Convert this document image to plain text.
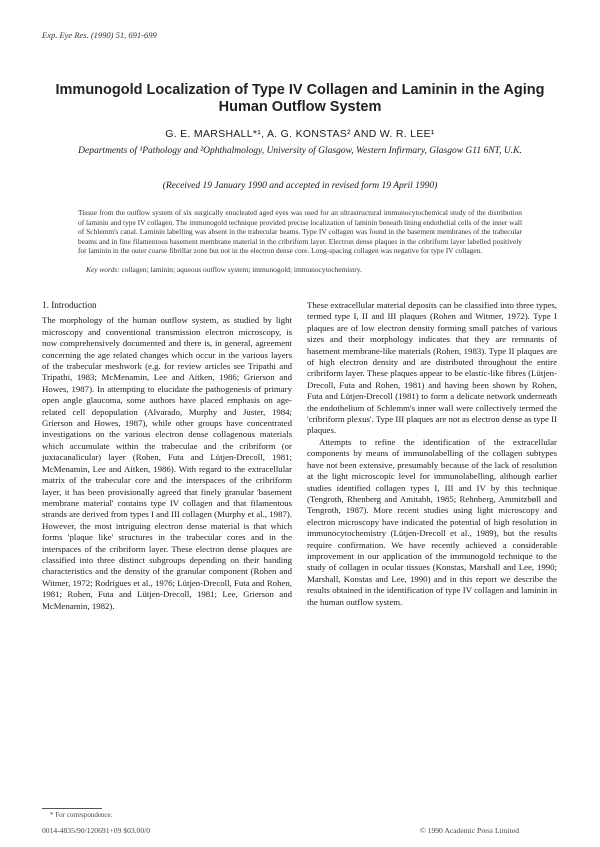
Exp. Eye Res. (1990) 51, 691-699
Immunogold Localization of Type IV Collagen and Laminin in the Aging Human Outflow System
G. E. MARSHALL*¹, A. G. KONSTAS² AND W. R. LEE¹
Departments of ¹Pathology and ²Ophthalmology, University of Glasgow, Western Infirmary, Glasgow G11 6NT, U.K.
(Received 19 January 1990 and accepted in revised form 19 April 1990)
Tissue from the outflow system of six surgically enucleated aged eyes was used for an ultrastructural immunocytochemical study of the distribution of laminin and type IV collagen. The immunogold technique provided precise localization of laminin beneath lining endothelial cells of the inner wall of Schlemm's canal. Laminin labelling was absent in the trabecular beams. Type IV collagen was found in the basement membranes of the trabecular beams and in fine filamentous basement membrane material in the cribriform layer. Electron dense plaques in the cribriform layer labelled positively for laminin in the outer coarse fibrillar zone but not in the electron dense core. Long-spacing collagen was negative for type IV collagen.
Key words: collagen; laminin; aqueous outflow system; immunogold; immunocytochemistry.
1. Introduction

The morphology of the human outflow system, as studied by light microscopy and conventional transmission electron microscopy, is now comprehensively documented and there is, in general, agreement concerning the age related changes which occur in the various layers of the trabecular meshwork (e.g. for review articles see Tripathi and Tripathi, 1983; McMenamin, Lee and Aitken, 1986; Grierson and Howes, 1987). In attempting to elucidate the pathogenesis of primary open angle glaucoma, some authors have placed emphasis on age-related cell depopulation (Alvarado, Murphy and Juster, 1984; Grierson and Howes, 1987), while other groups have concentrated investigations on the various electron dense collagenous materials which accumulate within the trabeculae and the cribriform (or juxtacanalicular) layer (Rohen, Futa and Lütjen-Drecoll, 1981; McMenamin, Lee and Aitken, 1986). With regard to the extracellular matrix of the trabecular core and the interspaces of the cribriform layer, it has been provisionally agreed that finely granular 'basement membrane material' contains type IV collagen and that filamentous strands are derived from types I and III collagen (Murphy et al., 1987). However, the most intriguing electron dense material is that which forms 'plaque like' structures in the trabecular cores and in the interspaces of the cribriform layer. These electron dense plaques are classified into three distinct subgroups depending on their banding characteristics and the density of the granular component (Rohen and Witmer, 1972; Rodrigues et al., 1976; Lütjen-Drecoll, Futa and Rohen, 1981; Rohen, Futa and Lütjen-Drecoll, 1981; Lee, Grierson and McMenamin, 1982).

These extracellular material deposits can be classified into three types, termed type I, II and III plaques (Rohen and Witmer, 1972). Type I plaques are of low electron density forming small patches of various sizes and their morphology indicates that they are remnants of basement membrane-like materials (Rohen, 1983). Type II plaques are of high electron density and are distributed throughout the entire cribriform layer. These plaques appear to be elastic-like fibres (Lütjen-Drecoll, Futa and Rohen, 1981) and having been shown by Rohen, Futa and Lütjen-Drecoll (1981) to form a delicate network underneath the endothelium of Schlemm's inner wall were collectively termed the 'cribriform plexus'. Type III plaques are not as electron dense as type II plaques.

Attempts to refine the identification of the extracellular components by means of immunolabelling of the collagen subtypes have not been extensive, presumably because of the lack of resolution at the light microscopic level for immunolabelling, although earlier studies identified collagen types I, III and IV by this technique (Tengroth, Rhenberg and Amitabh, 1985; Rehnberg, Ammitzbøll and Tengroth, 1987). More recent studies using light microscopy and electron microscopy have indicated the potential of high resolution in immunocytochemistry (Lütjen-Drecoll et al., 1989), but the results require confirmation. We have recently achieved a considerable improvement in our application of the immunogold technique to the study of collagen in ocular tissues (Konstas, Marshall and Lee, 1990; Marshall, Konstas and Lee, 1990) and in this report we describe the results obtained in the identification of type IV collagen and laminin in the human outflow system.

* For correspondence.
0014-4835/90/120691+09 $03.00/0	© 1990 Academic Press Limited
